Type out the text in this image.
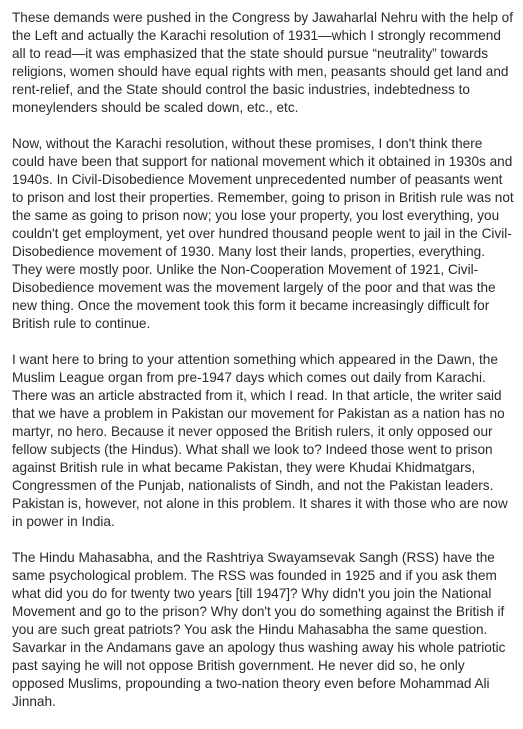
These demands were pushed in the Congress by Jawaharlal Nehru with the help of
the Left and actually the Karachi resolution of 1931—which I strongly recommend
all to read—it was emphasized that the state should pursue “neutrality” towards
religions, women should have equal rights with men, peasants should get land and
rent-relief, and the State should control the basic industries, indebtedness to
moneylenders should be scaled down, etc., etc.

Now, without the Karachi resolution, without these promises, I don't think there
could have been that support for national movement which it obtained in 1930s and
1940s. In Civil-Disobedience Movement unprecedented number of peasants went
to prison and lost their properties. Remember, going to prison in British rule was not
the same as going to prison now; you lose your property, you lost everything, you
couldn't get employment, yet over hundred thousand people went to jail in the Civil-
Disobedience movement of 1930. Many lost their lands, properties, everything.
They were mostly poor. Unlike the Non-Cooperation Movement of 1921, Civil-
Disobedience movement was the movement largely of the poor and that was the
new thing. Once the movement took this form it became increasingly difficult for
British rule to continue.

I want here to bring to your attention something which appeared in the Dawn, the
Muslim League organ from pre-1947 days which comes out daily from Karachi.
There was an article abstracted from it, which I read. In that article, the writer said
that we have a problem in Pakistan our movement for Pakistan as a nation has no
martyr, no hero. Because it never opposed the British rulers, it only opposed our
fellow subjects (the Hindus). What shall we look to? Indeed those went to prison
against British rule in what became Pakistan, they were Khudai Khidmatgars,
Congressmen of the Punjab, nationalists of Sindh, and not the Pakistan leaders.
Pakistan is, however, not alone in this problem. It shares it with those who are now
in power in India.

The Hindu Mahasabha, and the Rashtriya Swayamsevak Sangh (RSS) have the
same psychological problem. The RSS was founded in 1925 and if you ask them
what did you do for twenty two years [till 1947]? Why didn't you join the National
Movement and go to the prison? Why don't you do something against the British if
you are such great patriots? You ask the Hindu Mahasabha the same question.
Savarkar in the Andamans gave an apology thus washing away his whole patriotic
past saying he will not oppose British government. He never did so, he only
opposed Muslims, propounding a two-nation theory even before Mohammad Ali
Jinnah.
